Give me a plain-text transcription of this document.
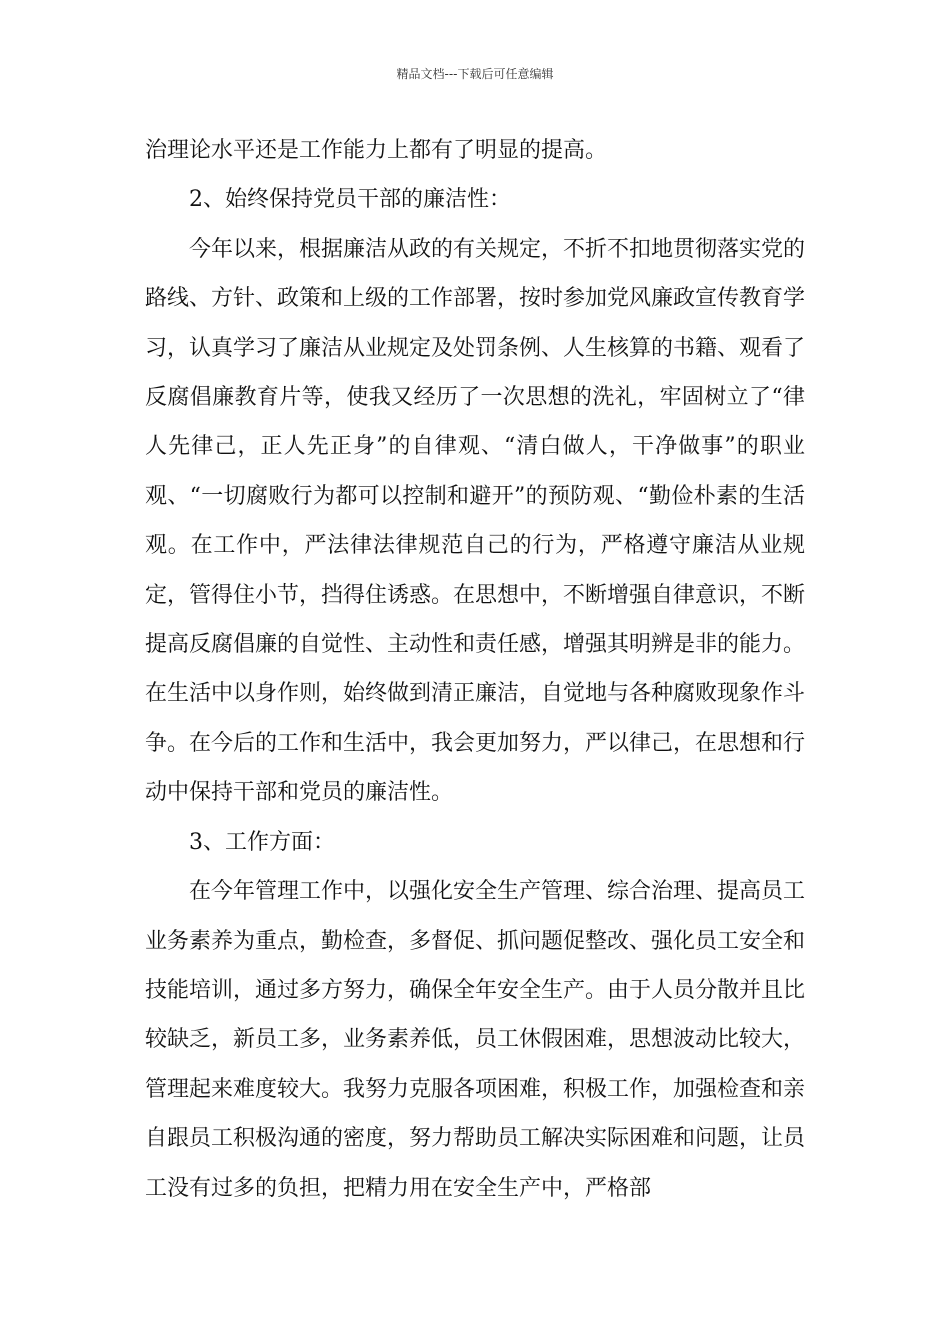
精品文档---下载后可任意编辑

治理论水平还是工作能力上都有了明显的提高。

2、始终保持党员干部的廉洁性：

今年以来，根据廉洁从政的有关规定，不折不扣地贯彻落实党的路线、方针、政策和上级的工作部署，按时参加党风廉政宣传教育学习，认真学习了廉洁从业规定及处罚条例、人生核算的书籍、观看了反腐倡廉教育片等，使我又经历了一次思想的洗礼，牢固树立了“律人先律己，正人先正身”的自律观、“清白做人，干净做事”的职业观、“一切腐败行为都可以控制和避开”的预防观、“勤俭朴素的生活观。在工作中，严法律法律规范自己的行为，严格遵守廉洁从业规定，管得住小节，挡得住诱惑。在思想中，不断增强自律意识，不断提高反腐倡廉的自觉性、主动性和责任感，增强其明辨是非的能力。在生活中以身作则，始终做到清正廉洁，自觉地与各种腐败现象作斗争。在今后的工作和生活中，我会更加努力，严以律己，在思想和行动中保持干部和党员的廉洁性。

3、工作方面：

在今年管理工作中，以强化安全生产管理、综合治理、提高员工业务素养为重点，勤检查，多督促、抓问题促整改、强化员工安全和技能培训，通过多方努力，确保全年安全生产。由于人员分散并且比较缺乏，新员工多，业务素养低，员工休假困难，思想波动比较大，管理起来难度较大。我努力克服各项困难，积极工作，加强检查和亲自跟员工积极沟通的密度，努力帮助员工解决实际困难和问题，让员工没有过多的负担，把精力用在安全生产中，严格部
